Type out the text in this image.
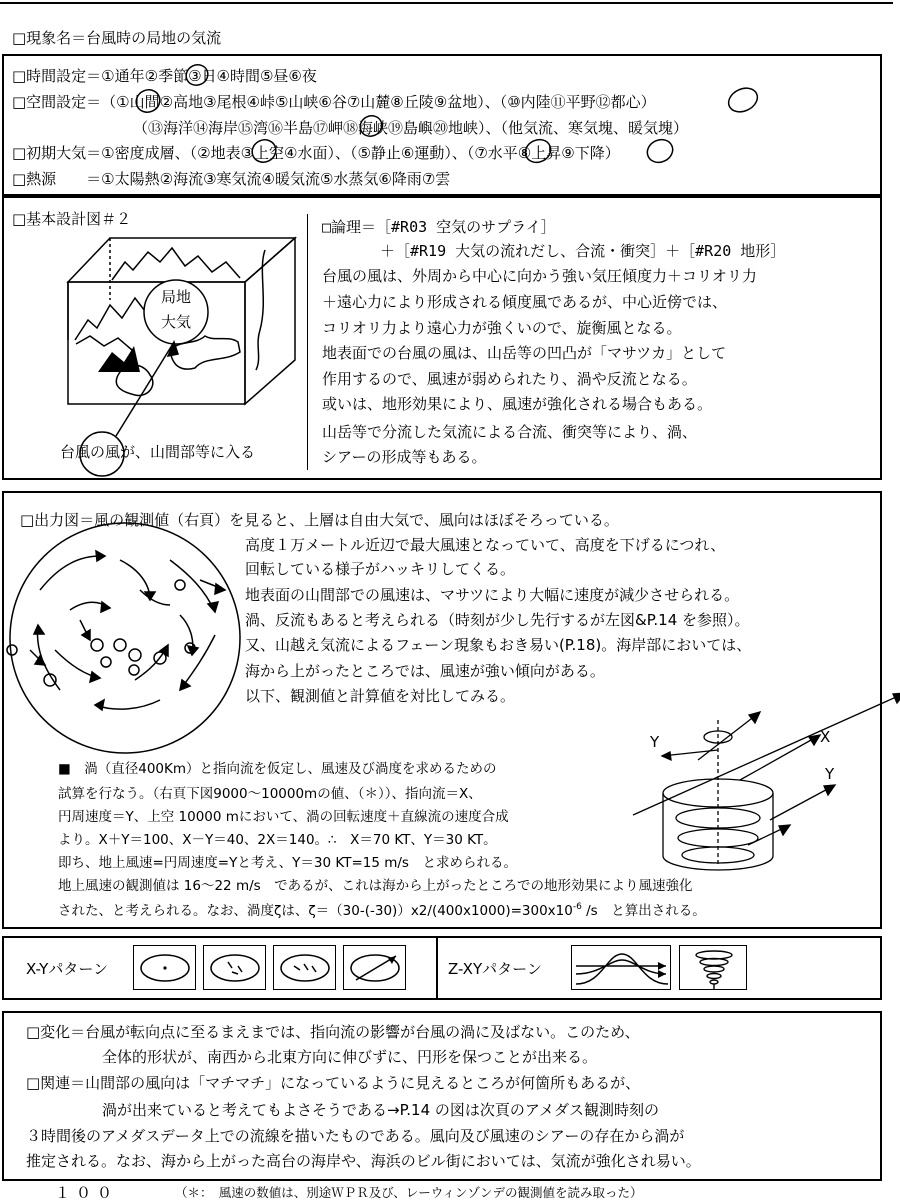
□現象名＝台風時の局地の気流
□時間設定＝①通年②季節③日④時間⑤昼⑥夜
□空間設定＝（①山間②高地③尾根④峠⑤山峡⑥谷⑦山麓⑧丘陵⑨盆地）、（⑩内陸⑪平野⑫都心）
（⑬海洋⑭海岸⑮湾⑯半島⑰岬⑱海峡⑲島嶼⑳地峡）、（他気流、寒気塊、暖気塊）
□初期大気＝①密度成層、（②地表③上空④水面）、（⑤静止⑥運動）、（⑦水平⑧上昇⑨下降）
□熱源　　＝①太陽熱②海流③寒気流④暖気流⑤水蒸気⑥降雨⑦雲
□基本設計図＃２
局地
大気
台風の風が、山間部等に入る
□論理＝［#R03 空気のサプライ］
＋［#R19 大気の流れだし、合流・衝突］＋［#R20 地形］
台風の風は、外周から中心に向かう強い気圧傾度力＋コリオリ力
＋遠心力により形成される傾度風であるが、中心近傍では、
コリオリ力より遠心力が強くいので、旋衡風となる。
地表面での台風の風は、山岳等の凹凸が「マサツカ」として
作用するので、風速が弱められたり、渦や反流となる。
或いは、地形効果により、風速が強化される場合もある。
山岳等で分流した気流による合流、衝突等により、渦、
シアーの形成等もある。
□出力図＝風の観測値（右頁）を見ると、上層は自由大気で、風向はほぼそろっている。
高度１万メートル近辺で最大風速となっていて、高度を下げるにつれ、
回転している様子がハッキリしてくる。
地表面の山間部での風速は、マサツにより大幅に速度が減少させられる。
渦、反流もあると考えられる（時刻が少し先行するが左図&P.14 を参照）。
又、山越え気流によるフェーン現象もおき易い(P.18)。海岸部においては、
海から上がったところでは、風速が強い傾向がある。
以下、観測値と計算値を対比してみる。
Y	X
Y
■　渦（直径400Km）と指向流を仮定し、風速及び渦度を求めるための
試算を行なう。（右頁下図9000～10000mの値、（＊））、指向流＝X、
円周速度＝Y、上空 10000 mにおいて、渦の回転速度＋直線流の速度合成
より。X＋Y＝100、X－Y＝40、2X＝140。∴　X＝70 KT、Y＝30 KT。
即ち、地上風速=円周速度=Yと考え、Y＝30 KT=15 m/s　と求められる。
地上風速の観測値は 16～22 m/s　であるが、これは海から上がったところでの地形効果により風速強化
された、と考えられる。なお、渦度ζは、$\zeta=(30-(-30))x2/(400x1000)=300x10^{-6}$ /s　と算出される。
X-Yパターン	Z-XYパターン
□変化＝台風が転向点に至るまえまでは、指向流の影響が台風の渦に及ばない。このため、
全体的形状が、南西から北東方向に伸びずに、円形を保つことが出来る。
□関連＝山間部の風向は「マチマチ」になっているように見えるところが何箇所もあるが、
渦が出来ていると考えてもよさそうである→P.14 の図は次頁のアメダス観測時刻の
３時間後のアメダスデータ上での流線を描いたものである。風向及び風速のシアーの存在から渦が
推定される。なお、海から上がった高台の海岸や、海浜のビル街においては、気流が強化され易い。
１００	（＊：　風速の数値は、別途ＷＰＲ及び、レーウィンゾンデの観測値を読み取った）
